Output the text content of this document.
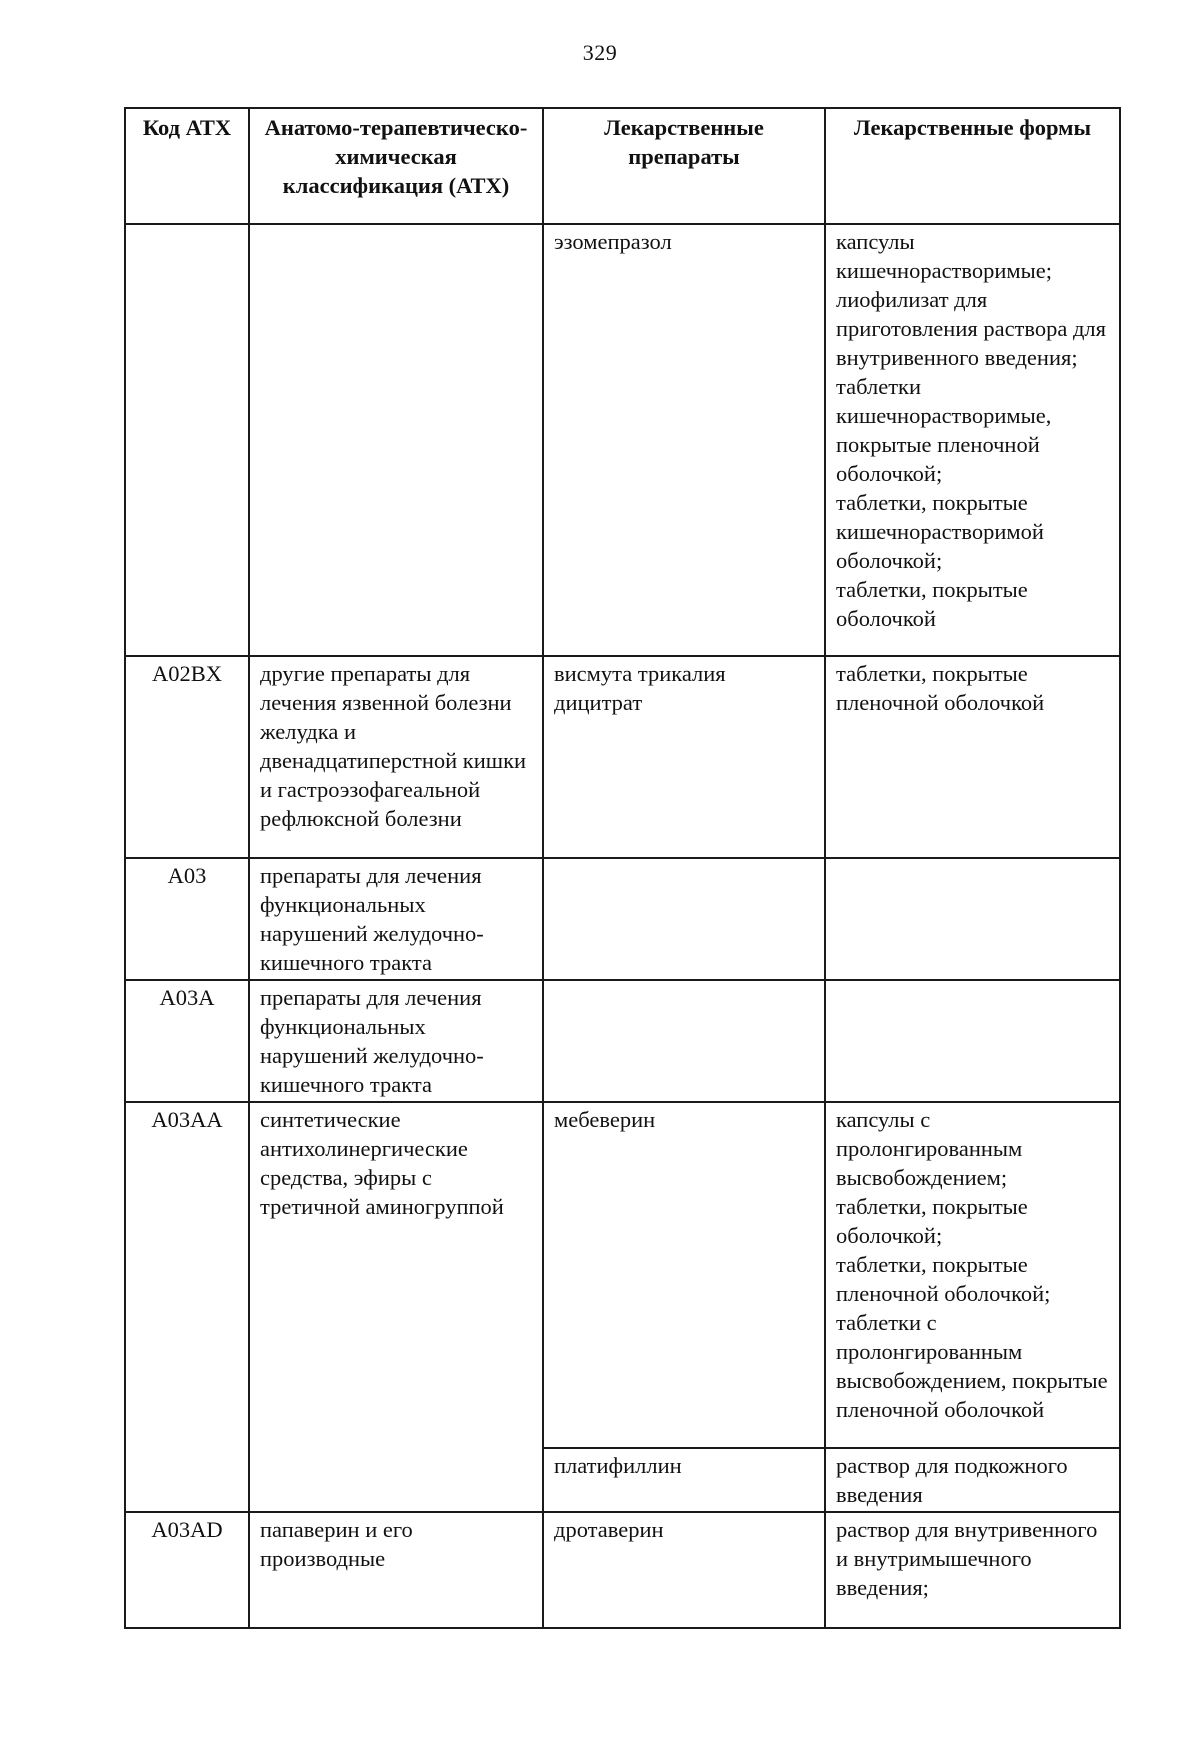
329
Код АТХ	Анатомо-терапевтическо-химическая классификация (АТХ)	Лекарственные препараты	Лекарственные формы
		эзомепразол	капсулы кишечнорастворимые;
лиофилизат для приготовления раствора для внутривенного введения;
таблетки кишечнорастворимые, покрытые пленочной оболочкой;
таблетки, покрытые кишечнорастворимой оболочкой;
таблетки, покрытые оболочкой

A02BX	другие препараты для лечения язвенной болезни желудка и двенадцатиперстной кишки и гастроэзофагеальной рефлюксной болезни	висмута трикалия дицитрат	таблетки, покрытые пленочной оболочкой

A03	препараты для лечения функциональных нарушений желудочно-кишечного тракта		
A03A	препараты для лечения функциональных нарушений желудочно-кишечного тракта		
A03AA	синтетические антихолинергические средства, эфиры с третичной аминогруппой	мебеверин	капсулы с пролонгированным высвобождением;
таблетки, покрытые оболочкой;
таблетки, покрытые пленочной оболочкой;
таблетки с пролонгированным высвобождением, покрытые пленочной оболочкой

		платифиллин	раствор для подкожного введения

A03AD	папаверин и его производные	дротаверин	раствор для внутривенного и внутримышечного введения;
